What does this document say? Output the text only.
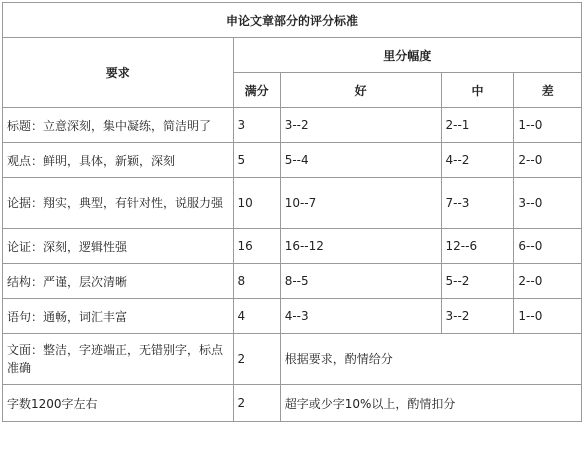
申论文章部分的评分标准				
要求	里分幅度			
	满分	好	中	差
标题：立意深刻，集中凝练，简洁明了	3	3--2	2--1	1--0
观点：鲜明，具体，新颖，深刻	5	5--4	4--2	2--0
论据：翔实，典型，有针对性，说服力强	10	10--7	7--3	3--0
论证：深刻，逻辑性强	16	16--12	12--6	6--0
结构：严谨，层次清晰	8	8--5	5--2	2--0
语句：通畅，词汇丰富	4	4--3	3--2	1--0
文面：整洁，字迹端正，无错别字，标点准确	2	根据要求，酌情给分		
字数1200字左右	2	超字或少字10%以上，酌情扣分		
